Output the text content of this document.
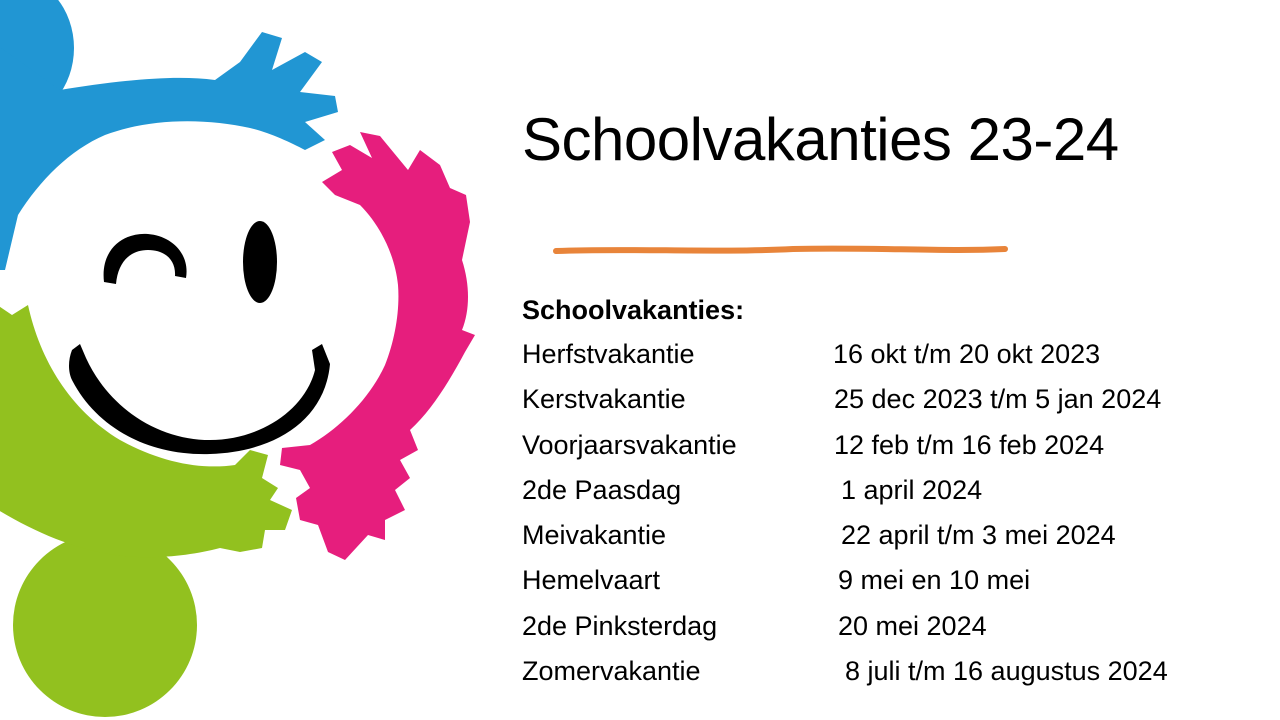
Schoolvakanties 23-24
Schoolvakanties:
Herfstvakantie	16 okt t/m 20 okt 2023
Kerstvakantie	25 dec 2023 t/m 5 jan 2024
Voorjaarsvakantie	12 feb t/m 16 feb 2024
2de Paasdag	1 april 2024
Meivakantie	22 april t/m 3 mei 2024
Hemelvaart	9 mei en 10 mei
2de Pinksterdag	20 mei 2024
Zomervakantie	8 juli t/m 16 augustus 2024
